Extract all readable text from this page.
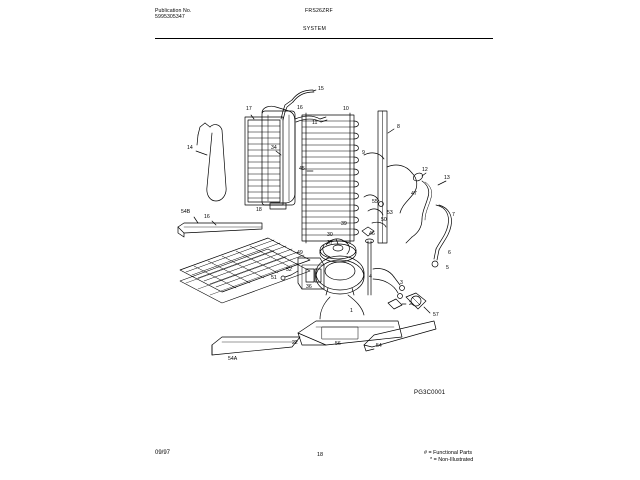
Publication No.
5995305347
FRS26ZRF
SYSTEM
15
17	16	10
11
8
14	34
9
45	12
13
47
55
53	7
16
54B	18
50
39
30	46
6
5
37
49
52
51
36
4
3
57
54A
22	56	54
2
1
PG3C0001
09/97	18	# = Functional Parts
* = Non-Illustrated
